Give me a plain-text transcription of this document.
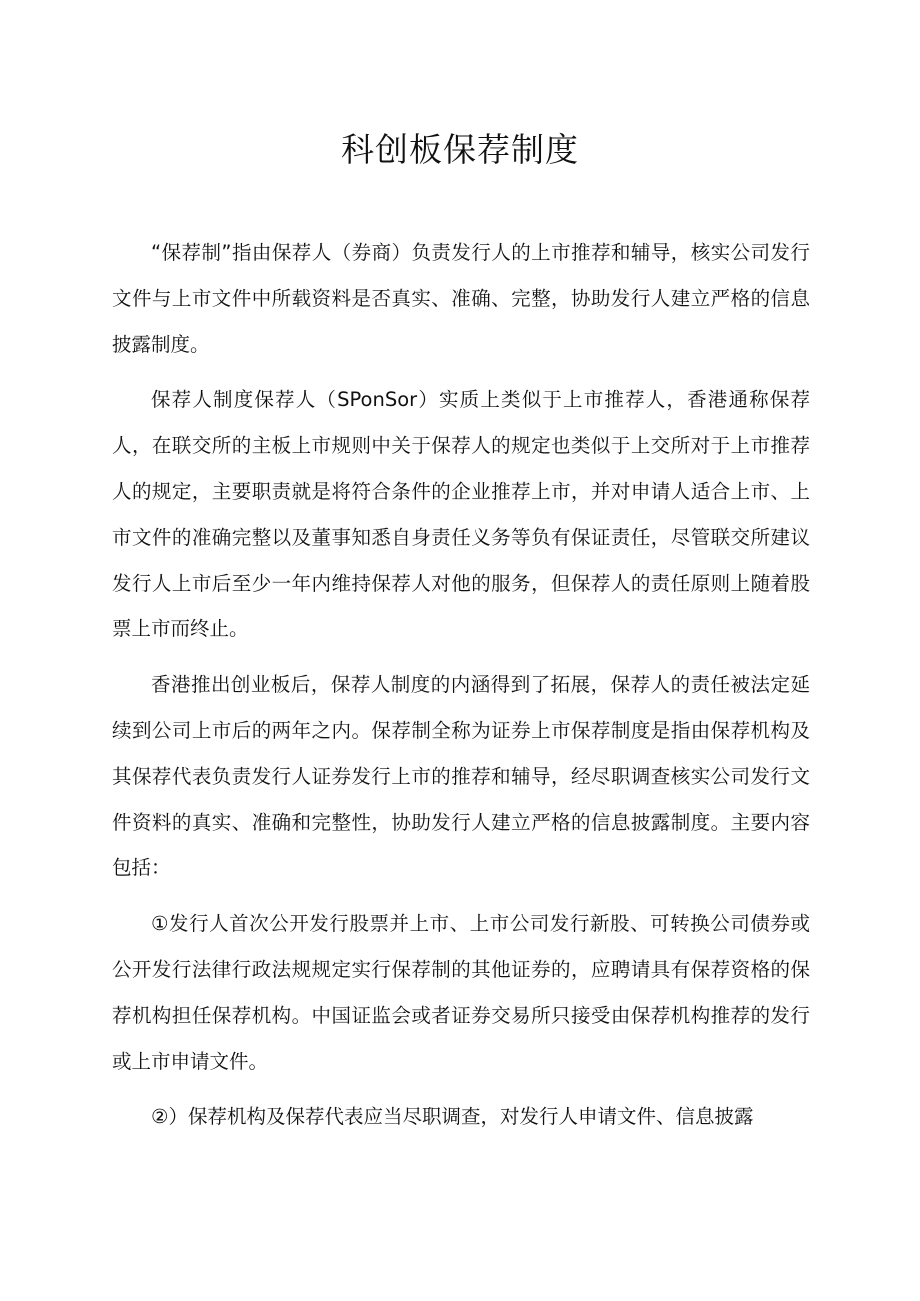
科创板保荐制度

“保荐制”指由保荐人（券商）负责发行人的上市推荐和辅导，核实公司发行文件与上市文件中所载资料是否真实、准确、完整，协助发行人建立严格的信息披露制度。

保荐人制度保荐人（SPonSor）实质上类似于上市推荐人，香港通称保荐人，在联交所的主板上市规则中关于保荐人的规定也类似于上交所对于上市推荐人的规定，主要职责就是将符合条件的企业推荐上市，并对申请人适合上市、上市文件的准确完整以及董事知悉自身责任义务等负有保证责任，尽管联交所建议发行人上市后至少一年内维持保荐人对他的服务，但保荐人的责任原则上随着股票上市而终止。

香港推出创业板后，保荐人制度的内涵得到了拓展，保荐人的责任被法定延续到公司上市后的两年之内。保荐制全称为证券上市保荐制度是指由保荐机构及其保荐代表负责发行人证券发行上市的推荐和辅导，经尽职调查核实公司发行文件资料的真实、准确和完整性，协助发行人建立严格的信息披露制度。主要内容包括：

①发行人首次公开发行股票并上市、上市公司发行新股、可转换公司债券或公开发行法律行政法规规定实行保荐制的其他证券的，应聘请具有保荐资格的保荐机构担任保荐机构。中国证监会或者证券交易所只接受由保荐机构推荐的发行或上市申请文件。

②）保荐机构及保荐代表应当尽职调查，对发行人申请文件、信息披露
